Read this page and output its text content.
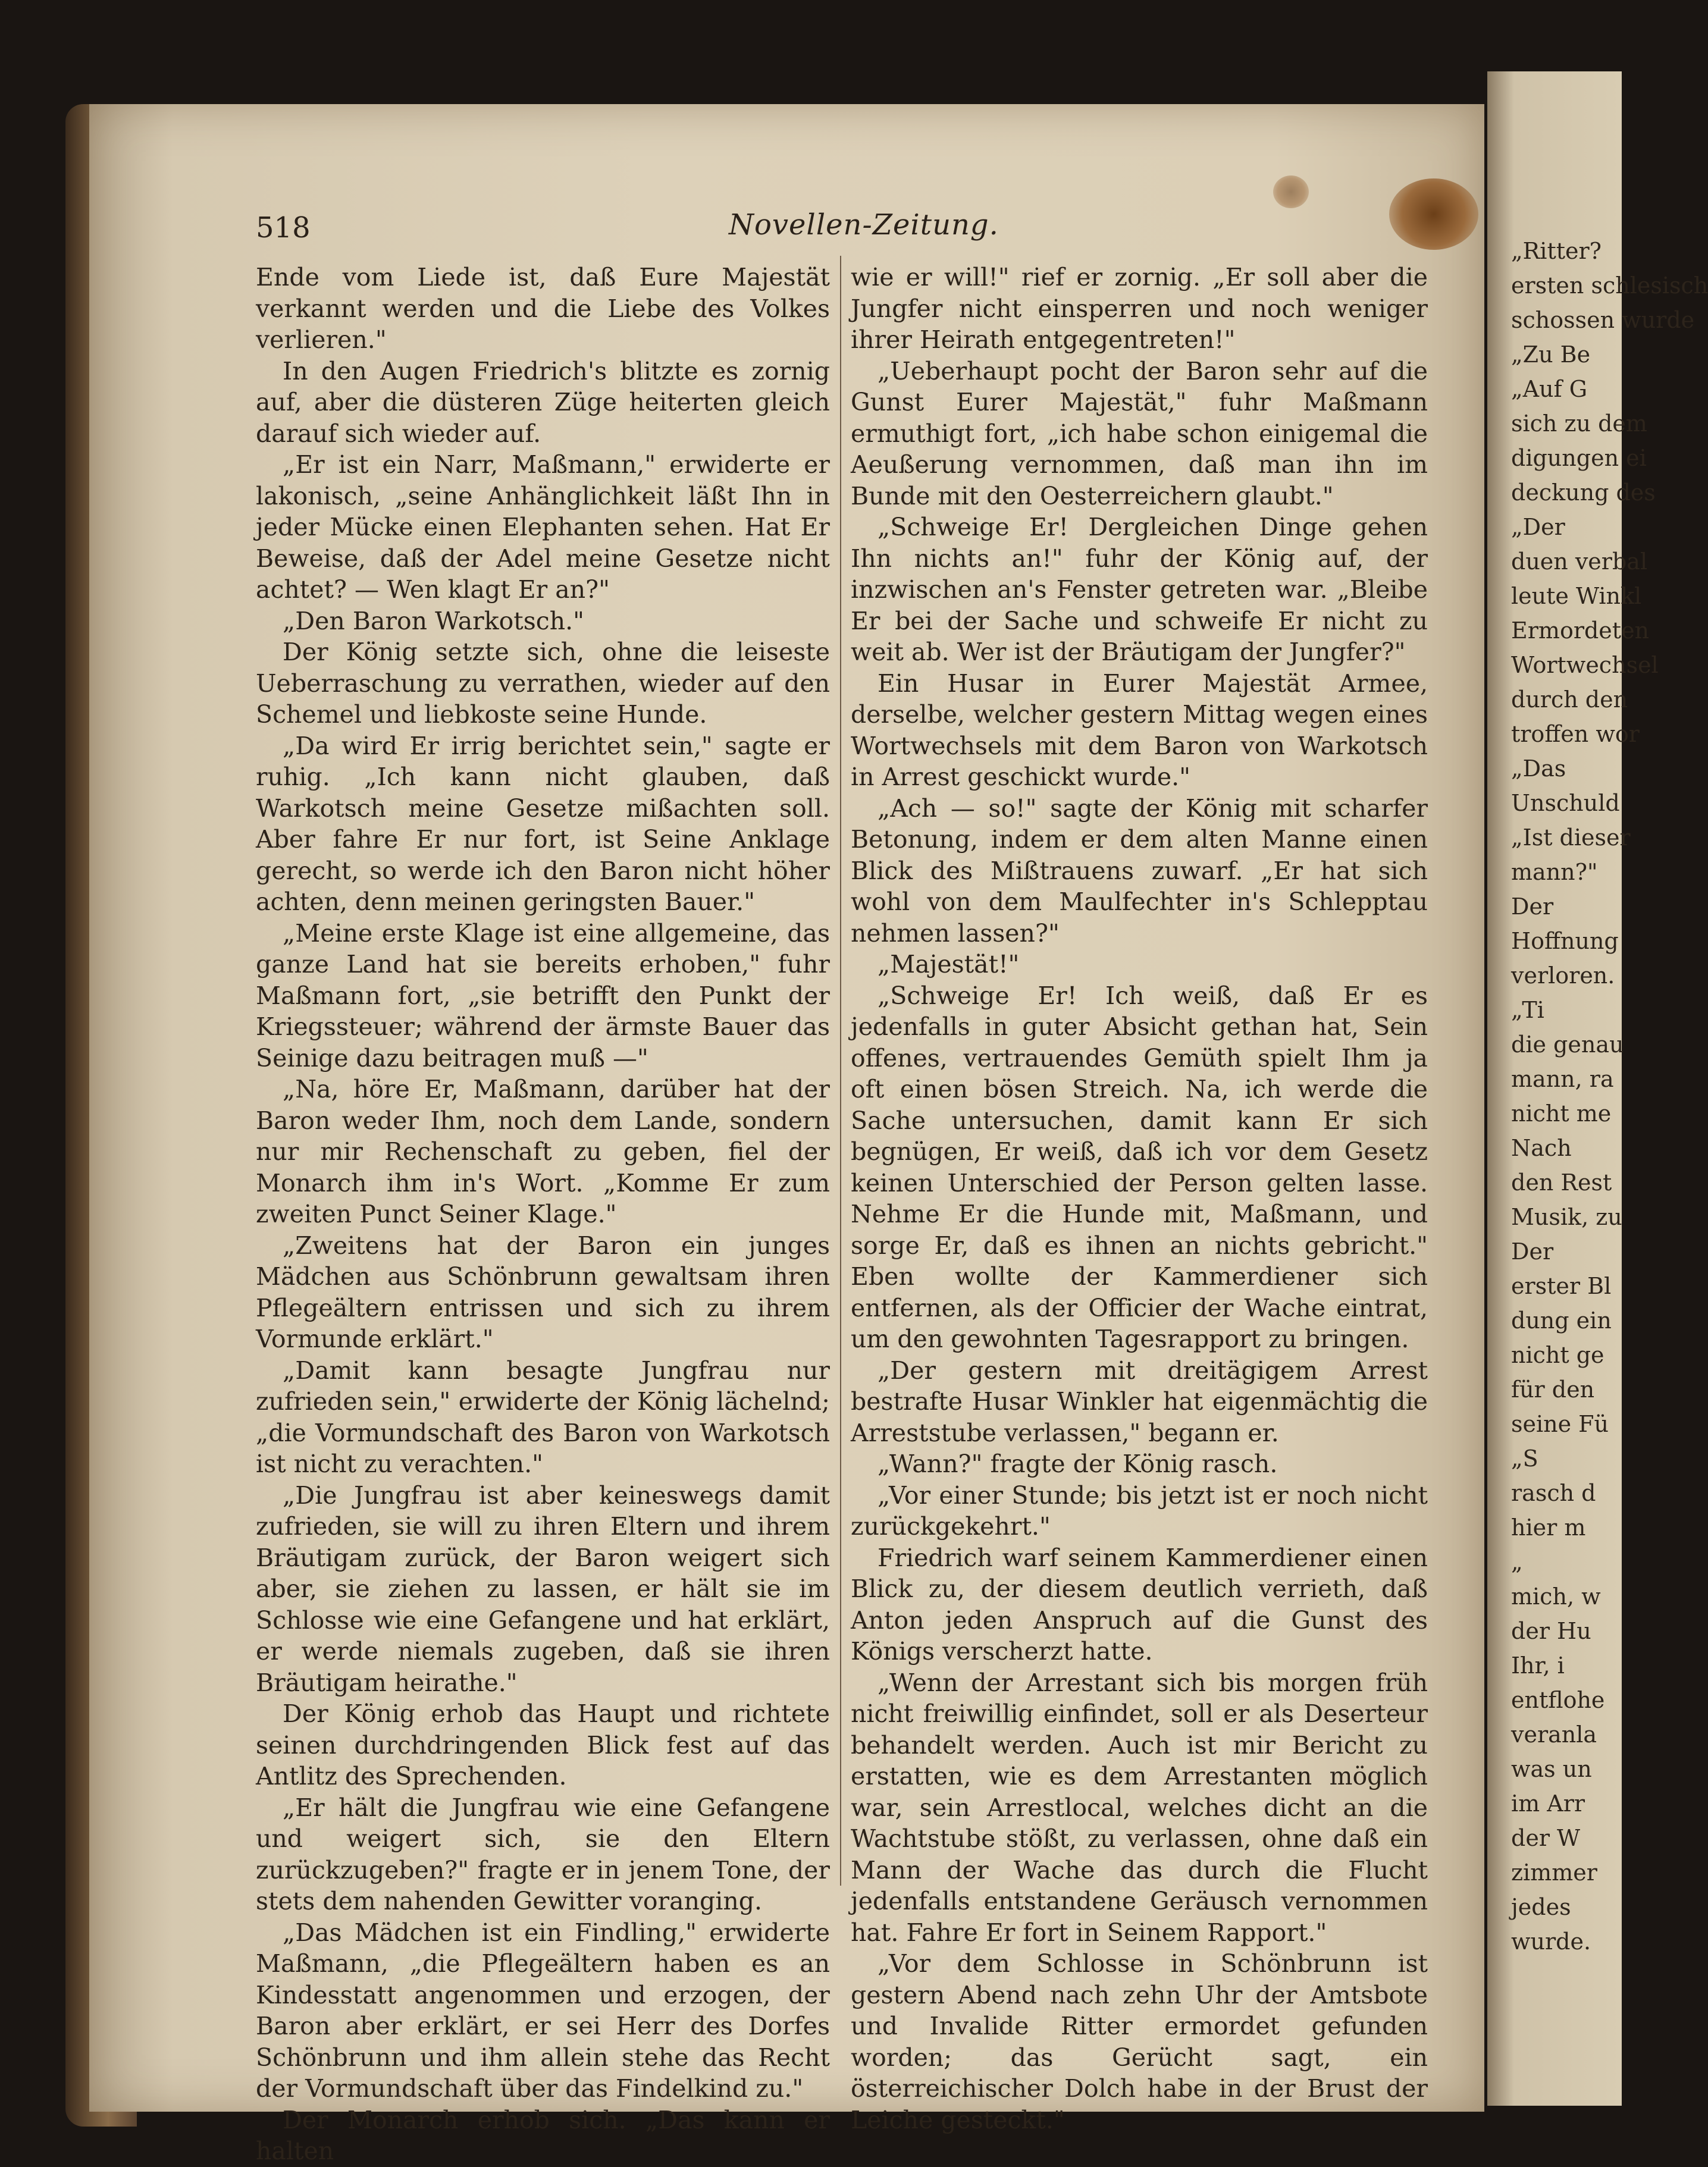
„Ritter?
ersten schlesisch
schossen wurde
„Zu Be
„Auf G
sich zu dem
digungen ei
deckung des
„Der
duen verbal
leute Winkl
Ermordeten
Wortwechsel
durch den
troffen wor
„Das
Unschuld
„Ist dieser
mann?"
Der
Hoffnung
verloren.
„Ti
die genau
mann, ra
nicht me
Nach
den Rest
Musik, zu
Der
erster Bl
dung ein
nicht ge
für den
seine Fü
„S
rasch d
hier m
„
mich, w
der Hu
Ihr, i
entflohe
veranla
was un
im Arr
der W
zimmer
jedes
wurde.
518	Novellen-Zeitung.

Ende vom Liede ist, daß Eure Majestät verkannt werden und die Liebe des Volkes verlieren."

In den Augen Friedrich's blitzte es zornig auf, aber die düsteren Züge heiterten gleich darauf sich wieder auf.

„Er ist ein Narr, Maßmann," erwiderte er lakonisch, „seine Anhänglichkeit läßt Ihn in jeder Mücke einen Elephanten sehen. Hat Er Beweise, daß der Adel meine Gesetze nicht achtet? — Wen klagt Er an?"

„Den Baron Warkotsch."

Der König setzte sich, ohne die leiseste Ueberraschung zu verrathen, wieder auf den Schemel und liebkoste seine Hunde.

„Da wird Er irrig berichtet sein," sagte er ruhig. „Ich kann nicht glauben, daß Warkotsch meine Gesetze mißachten soll. Aber fahre Er nur fort, ist Seine Anklage gerecht, so werde ich den Baron nicht höher achten, denn meinen geringsten Bauer."

„Meine erste Klage ist eine allgemeine, das ganze Land hat sie bereits erhoben," fuhr Maßmann fort, „sie betrifft den Punkt der Kriegssteuer; während der ärmste Bauer das Seinige dazu beitragen muß —"

„Na, höre Er, Maßmann, darüber hat der Baron weder Ihm, noch dem Lande, sondern nur mir Rechenschaft zu geben, fiel der Monarch ihm in's Wort. „Komme Er zum zweiten Punct Seiner Klage."

„Zweitens hat der Baron ein junges Mädchen aus Schönbrunn gewaltsam ihren Pflegeältern entrissen und sich zu ihrem Vormunde erklärt."

„Damit kann besagte Jungfrau nur zufrieden sein," erwiderte der König lächelnd; „die Vormundschaft des Baron von Warkotsch ist nicht zu verachten."

„Die Jungfrau ist aber keineswegs damit zufrieden, sie will zu ihren Eltern und ihrem Bräutigam zurück, der Baron weigert sich aber, sie ziehen zu lassen, er hält sie im Schlosse wie eine Gefangene und hat erklärt, er werde niemals zugeben, daß sie ihren Bräutigam heirathe."

Der König erhob das Haupt und richtete seinen durchdringenden Blick fest auf das Antlitz des Sprechenden.

„Er hält die Jungfrau wie eine Gefangene und weigert sich, sie den Eltern zurückzugeben?" fragte er in jenem Tone, der stets dem nahenden Gewitter voranging.

„Das Mädchen ist ein Findling," erwiderte Maßmann, „die Pflegeältern haben es an Kindesstatt angenommen und erzogen, der Baron aber erklärt, er sei Herr des Dorfes Schönbrunn und ihm allein stehe das Recht der Vormundschaft über das Findelkind zu."

Der Monarch erhob sich. „Das kann er halten

wie er will!" rief er zornig. „Er soll aber die Jungfer nicht einsperren und noch weniger ihrer Heirath entgegentreten!"

„Ueberhaupt pocht der Baron sehr auf die Gunst Eurer Majestät," fuhr Maßmann ermuthigt fort, „ich habe schon einigemal die Aeußerung vernommen, daß man ihn im Bunde mit den Oesterreichern glaubt."

„Schweige Er! Dergleichen Dinge gehen Ihn nichts an!" fuhr der König auf, der inzwischen an's Fenster getreten war. „Bleibe Er bei der Sache und schweife Er nicht zu weit ab. Wer ist der Bräutigam der Jungfer?"

Ein Husar in Eurer Majestät Armee, derselbe, welcher gestern Mittag wegen eines Wortwechsels mit dem Baron von Warkotsch in Arrest geschickt wurde."

„Ach — so!" sagte der König mit scharfer Betonung, indem er dem alten Manne einen Blick des Mißtrauens zuwarf. „Er hat sich wohl von dem Maulfechter in's Schlepptau nehmen lassen?"

„Majestät!"

„Schweige Er! Ich weiß, daß Er es jedenfalls in guter Absicht gethan hat, Sein offenes, vertrauendes Gemüth spielt Ihm ja oft einen bösen Streich. Na, ich werde die Sache untersuchen, damit kann Er sich begnügen, Er weiß, daß ich vor dem Gesetz keinen Unterschied der Person gelten lasse. Nehme Er die Hunde mit, Maßmann, und sorge Er, daß es ihnen an nichts gebricht." Eben wollte der Kammerdiener sich entfernen, als der Officier der Wache eintrat, um den gewohnten Tagesrapport zu bringen.

„Der gestern mit dreitägigem Arrest bestrafte Husar Winkler hat eigenmächtig die Arreststube verlassen," begann er.

„Wann?" fragte der König rasch.

„Vor einer Stunde; bis jetzt ist er noch nicht zurückgekehrt."

Friedrich warf seinem Kammerdiener einen Blick zu, der diesem deutlich verrieth, daß Anton jeden Anspruch auf die Gunst des Königs verscherzt hatte.

„Wenn der Arrestant sich bis morgen früh nicht freiwillig einfindet, soll er als Deserteur behandelt werden. Auch ist mir Bericht zu erstatten, wie es dem Arrestanten möglich war, sein Arrestlocal, welches dicht an die Wachtstube stößt, zu verlassen, ohne daß ein Mann der Wache das durch die Flucht jedenfalls entstandene Geräusch vernommen hat. Fahre Er fort in Seinem Rapport."

„Vor dem Schlosse in Schönbrunn ist gestern Abend nach zehn Uhr der Amtsbote und Invalide Ritter ermordet gefunden worden; das Gerücht sagt, ein österreichischer Dolch habe in der Brust der Leiche gesteckt."
